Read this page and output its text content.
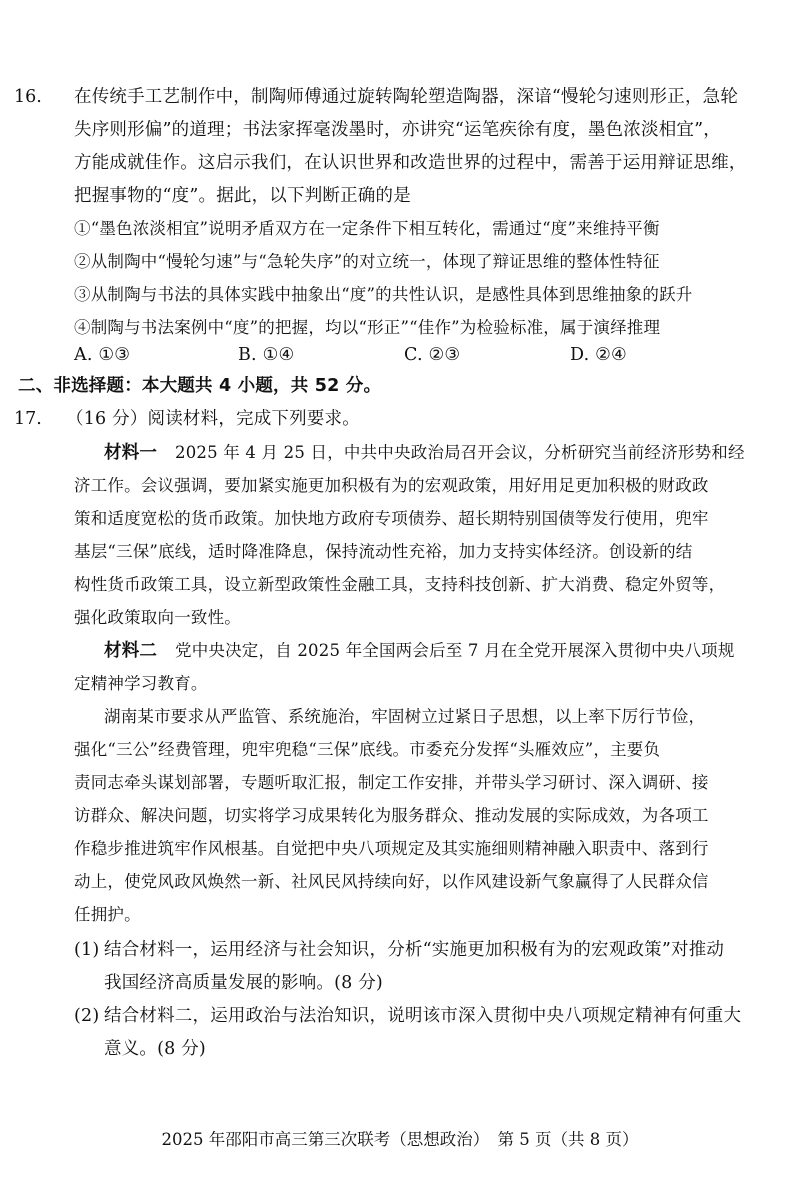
16. 在传统手工艺制作中，制陶师傅通过旋转陶轮塑造陶器，深谙“慢轮匀速则形正，急轮
失序则形偏”的道理；书法家挥毫泼墨时，亦讲究“运笔疾徐有度，墨色浓淡相宜”，
方能成就佳作。这启示我们，在认识世界和改造世界的过程中，需善于运用辩证思维，
把握事物的“度”。据此，以下判断正确的是
①“墨色浓淡相宜”说明矛盾双方在一定条件下相互转化，需通过“度”来维持平衡
②从制陶中“慢轮匀速”与“急轮失序”的对立统一，体现了辩证思维的整体性特征
③从制陶与书法的具体实践中抽象出“度”的共性认识，是感性具体到思维抽象的跃升
④制陶与书法案例中“度”的把握，均以“形正”“佳作”为检验标准，属于演绎推理
A. ①③	B. ①④	C. ②③	D. ②④
二、非选择题：本大题共 4 小题，共 52 分。
17. （16 分）阅读材料，完成下列要求。
材料一 2025 年 4 月 25 日，中共中央政治局召开会议，分析研究当前经济形势和经
济工作。会议强调，要加紧实施更加积极有为的宏观政策，用好用足更加积极的财政政
策和适度宽松的货币政策。加快地方政府专项债券、超长期特别国债等发行使用，兜牢
基层“三保”底线，适时降准降息，保持流动性充裕，加力支持实体经济。创设新的结
构性货币政策工具，设立新型政策性金融工具，支持科技创新、扩大消费、稳定外贸等，
强化政策取向一致性。
材料二 党中央决定，自 2025 年全国两会后至 7 月在全党开展深入贯彻中央八项规
定精神学习教育。
湖南某市要求从严监管、系统施治，牢固树立过紧日子思想，以上率下厉行节俭，
强化“三公”经费管理，兜牢兜稳“三保”底线。市委充分发挥“头雁效应”，主要负
责同志牵头谋划部署，专题听取汇报，制定工作安排，并带头学习研讨、深入调研、接
访群众、解决问题，切实将学习成果转化为服务群众、推动发展的实际成效，为各项工
作稳步推进筑牢作风根基。自觉把中央八项规定及其实施细则精神融入职责中、落到行
动上，使党风政风焕然一新、社风民风持续向好，以作风建设新气象赢得了人民群众信
任拥护。
(1) 结合材料一，运用经济与社会知识，分析“实施更加积极有为的宏观政策”对推动
我国经济高质量发展的影响。(8 分)
(2) 结合材料二，运用政治与法治知识，说明该市深入贯彻中央八项规定精神有何重大
意义。(8 分)
2025 年邵阳市高三第三次联考（思想政治）　第 5 页（共 8 页）
